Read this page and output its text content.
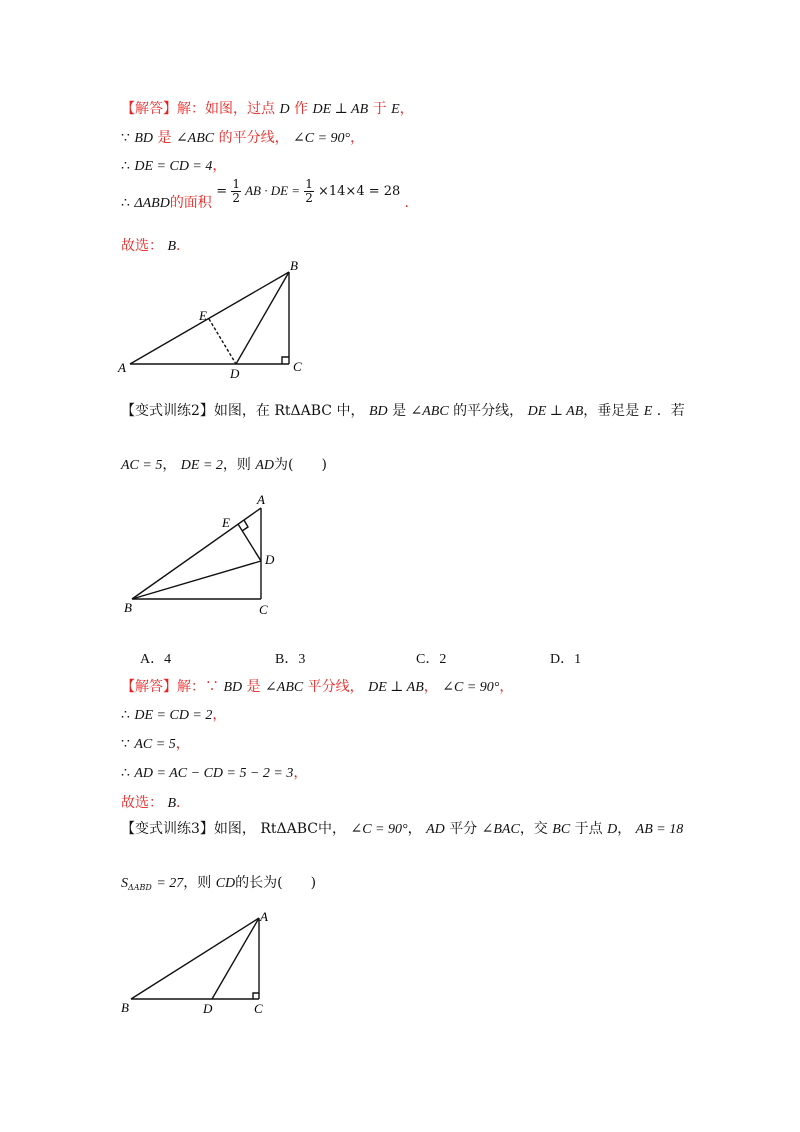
【解答】解：如图，过点 D 作 DE ⊥ AB 于 E，
∵ BD 是 ∠ABC 的平分线， ∠C = 90°，
∴ DE = CD = 4，
∴ ΔABD的面积 = $\frac{1}{2}$ AB · DE = $\frac{1}{2} \times 14\times 4 = 28$ .
故选： B.
A
B
C
D
E
【变式训练2】如图，在 RtΔABC 中， BD 是 ∠ABC 的平分线， DE ⊥ AB，垂足是 E ．若
AC = 5， DE = 2，则 AD为(　　)
A
B	C
D
E
A．4	B．3	C．2	D．1
【解答】解：∵ BD 是 ∠ABC 平分线， DE ⊥ AB， ∠C = 90°，
∴ DE = CD = 2，
∵ AC = 5，
∴ AD = AC − CD = 5 − 2 = 3，
故选： B.
【变式训练3】如图， RtΔABC中， ∠C = 90°， AD 平分 ∠BAC，交 BC 于点 D， AB = 18
$S_{\Delta ABD} = 27$，则 CD的长为(　　)
A
B	C
D
